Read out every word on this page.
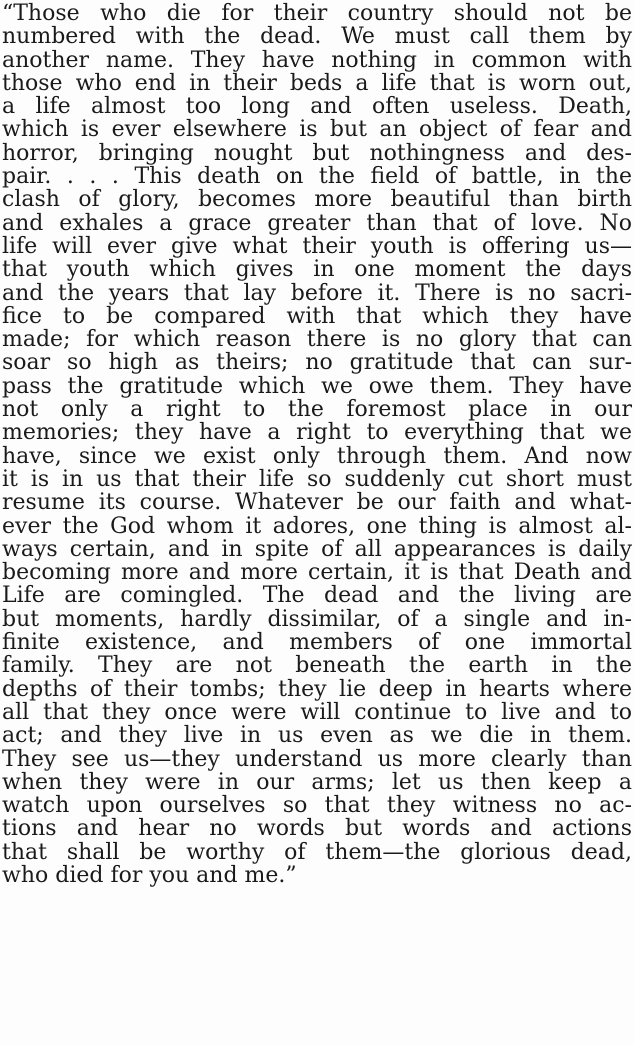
“Those who die for their country should not be
numbered with the dead. We must call them by
another name. They have nothing in common with
those who end in their beds a life that is worn out,
a life almost too long and often useless. Death,
which is ever elsewhere is but an object of fear and
horror, bringing nought but nothingness and des-
pair. . . . This death on the field of battle, in the
clash of glory, becomes more beautiful than birth
and exhales a grace greater than that of love. No
life will ever give what their youth is offering us—
that youth which gives in one moment the days
and the years that lay before it. There is no sacri-
fice to be compared with that which they have
made; for which reason there is no glory that can
soar so high as theirs; no gratitude that can sur-
pass the gratitude which we owe them. They have
not only a right to the foremost place in our
memories; they have a right to everything that we
have, since we exist only through them. And now
it is in us that their life so suddenly cut short must
resume its course. Whatever be our faith and what-
ever the God whom it adores, one thing is almost al-
ways certain, and in spite of all appearances is daily
becoming more and more certain, it is that Death and
Life are comingled. The dead and the living are
but moments, hardly dissimilar, of a single and in-
finite existence, and members of one immortal
family. They are not beneath the earth in the
depths of their tombs; they lie deep in hearts where
all that they once were will continue to live and to
act; and they live in us even as we die in them.
They see us—they understand us more clearly than
when they were in our arms; let us then keep a
watch upon ourselves so that they witness no ac-
tions and hear no words but words and actions
that shall be worthy of them—the glorious dead,
who died for you and me.”
